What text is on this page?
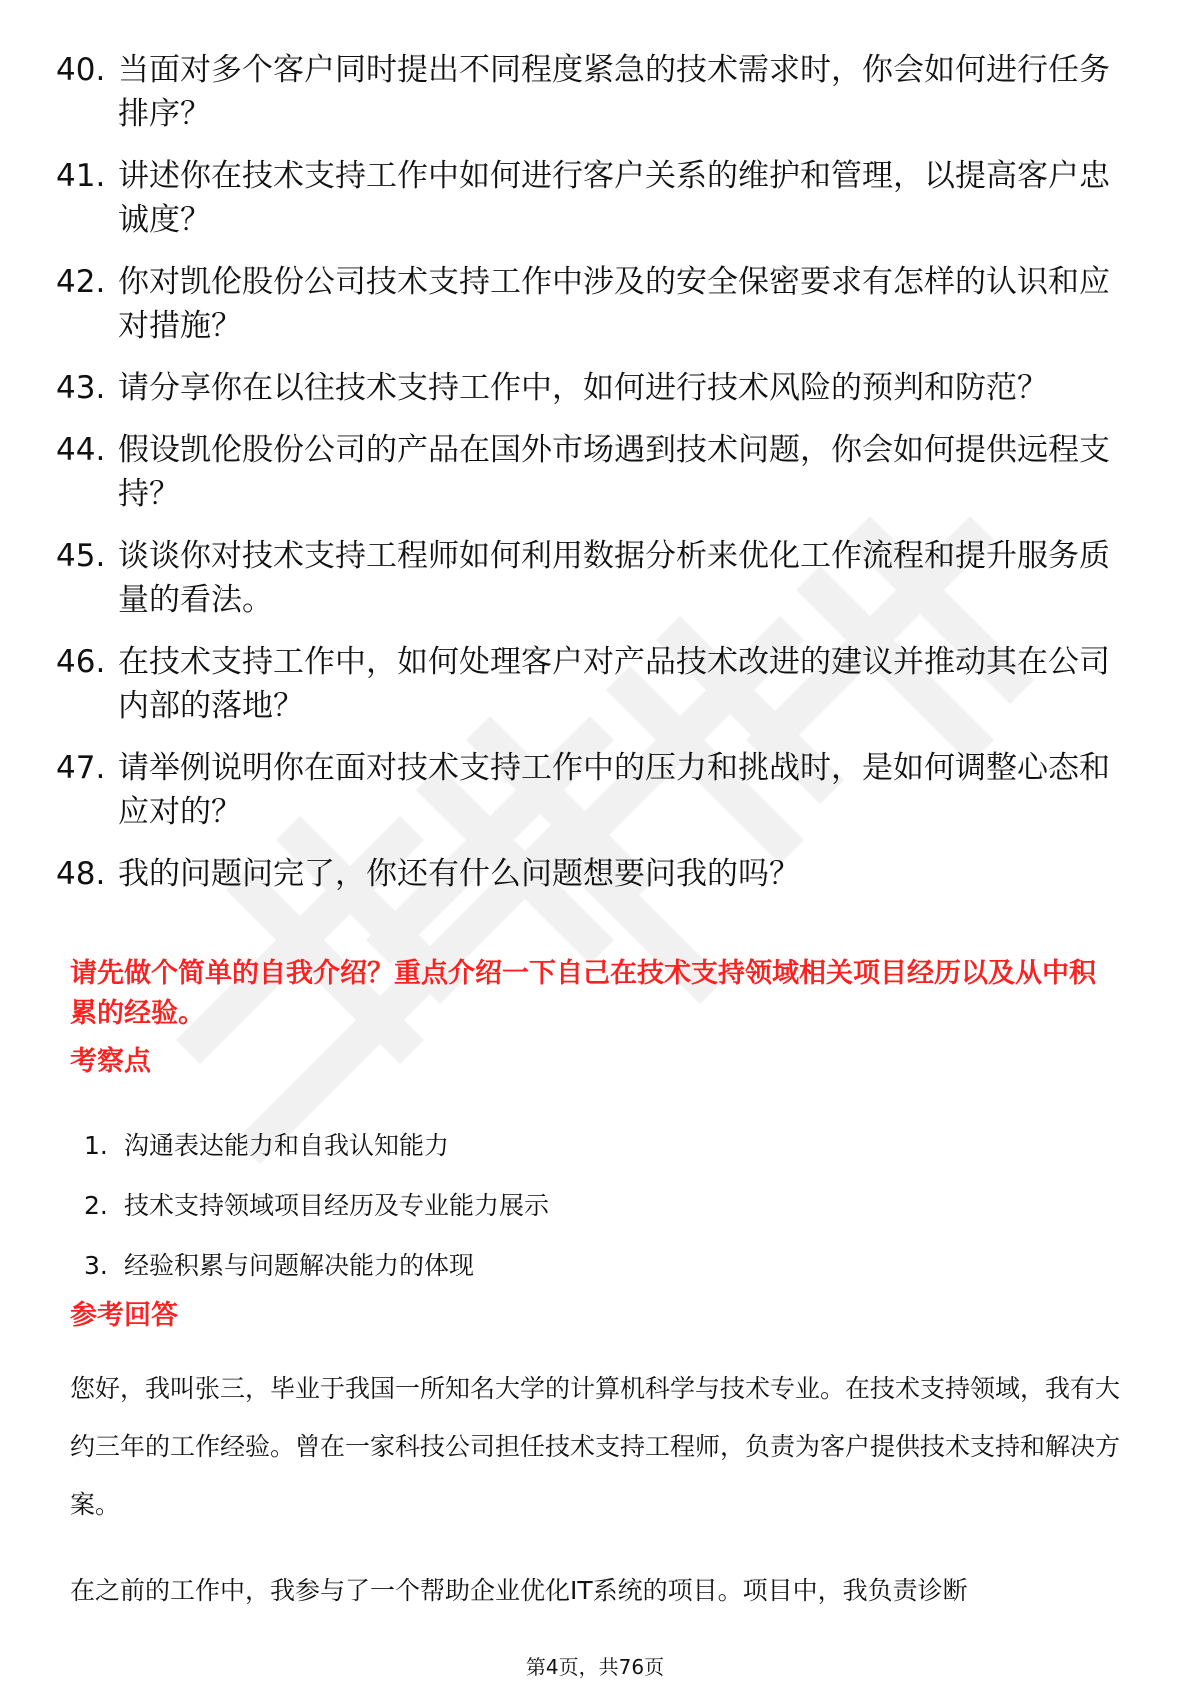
40. 当面对多个客户同时提出不同程度紧急的技术需求时，你会如何进行任务排序？
41. 讲述你在技术支持工作中如何进行客户关系的维护和管理，以提高客户忠诚度？
42. 你对凯伦股份公司技术支持工作中涉及的安全保密要求有怎样的认识和应对措施？
43. 请分享你在以往技术支持工作中，如何进行技术风险的预判和防范？
44. 假设凯伦股份公司的产品在国外市场遇到技术问题，你会如何提供远程支持？
45. 谈谈你对技术支持工程师如何利用数据分析来优化工作流程和提升服务质量的看法。
46. 在技术支持工作中，如何处理客户对产品技术改进的建议并推动其在公司内部的落地？
47. 请举例说明你在面对技术支持工作中的压力和挑战时，是如何调整心态和应对的？
48. 我的问题问完了，你还有什么问题想要问我的吗？
请先做个简单的自我介绍？重点介绍一下自己在技术支持领域相关项目经历以及从中积累的经验。
考察点
1. 沟通表达能力和自我认知能力
2. 技术支持领域项目经历及专业能力展示
3. 经验积累与问题解决能力的体现
参考回答

您好，我叫张三，毕业于我国一所知名大学的计算机科学与技术专业。在技术支持领域，我有大约三年的工作经验。曾在一家科技公司担任技术支持工程师，负责为客户提供技术支持和解决方案。

在之前的工作中，我参与了一个帮助企业优化IT系统的项目。项目中，我负责诊断

第4页，共76页
